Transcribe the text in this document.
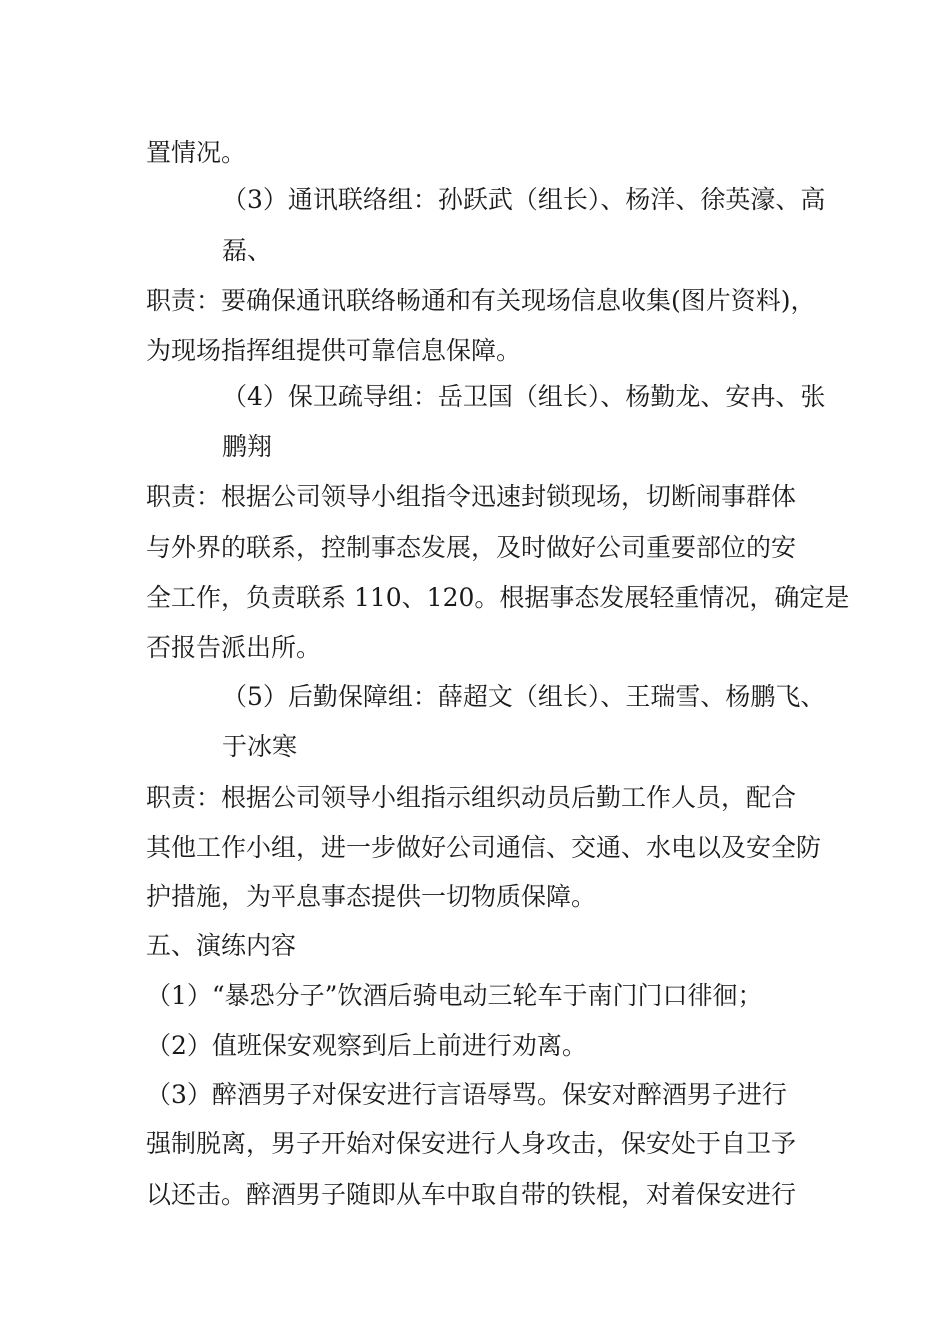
置情况。
（3）通讯联络组：孙跃武（组长）、杨洋、徐英濠、高
磊、
职责：要确保通讯联络畅通和有关现场信息收集(图片资料)，
为现场指挥组提供可靠信息保障。
（4）保卫疏导组：岳卫国（组长）、杨勤龙、安冉、张
鹏翔
职责：根据公司领导小组指令迅速封锁现场，切断闹事群体
与外界的联系，控制事态发展，及时做好公司重要部位的安
全工作，负责联系 110、120。根据事态发展轻重情况，确定是
否报告派出所。
（5）后勤保障组：薛超文（组长）、王瑞雪、杨鹏飞、
于冰寒
职责：根据公司领导小组指示组织动员后勤工作人员，配合
其他工作小组，进一步做好公司通信、交通、水电以及安全防
护措施，为平息事态提供一切物质保障。
五、演练内容
（1）“暴恐分子”饮酒后骑电动三轮车于南门门口徘徊；
（2）值班保安观察到后上前进行劝离。
（3）醉酒男子对保安进行言语辱骂。保安对醉酒男子进行
强制脱离，男子开始对保安进行人身攻击，保安处于自卫予
以还击。醉酒男子随即从车中取自带的铁棍，对着保安进行
